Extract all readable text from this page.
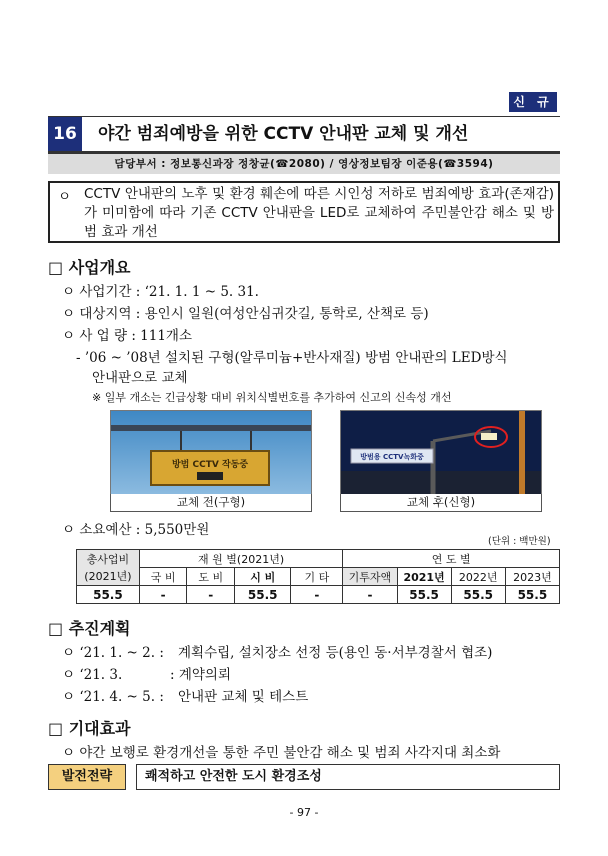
신 규
16	야간 범죄예방을 위한 CCTV 안내판 교체 및 개선
담당부서 : 정보통신과장 정창균(☎2080) / 영상정보팀장 이준용(☎3594)
ㅇ CCTV 안내판의 노후 및 환경 훼손에 따른 시인성 저하로 범죄예방 효과(존재감)가 미미함에 따라 기존 CCTV 안내판을 LED로 교체하여 주민불안감 해소 및 방범 효과 개선
□ 사업개요
ㅇ 사업기간 : ‘21. 1. 1 ~ 5. 31.
ㅇ 대상지역 : 용인시 일원(여성안심귀갓길, 통학로, 산책로 등)
ㅇ 사 업 량 : 111개소
- ’06 ~ ’08년 설치된 구형(알루미늄+반사재질) 방범 안내판의 LED방식
안내판으로 교체
※ 일부 개소는 긴급상황 대비 위치식별번호를 추가하여 신고의 신속성 개선
방범 CCTV 작동중
교체 전(구형)
방범용 CCTV녹화중
교체 후(신형)
ㅇ 소요예산 : 5,550만원
(단위 : 백만원)
총사업비	재 원 별(2021년)				연 도 별			
(2021년)	국 비	도 비	시 비	기 타	기투자액	2021년	2022년	2023년
55.5	-	-	55.5	-	-	55.5	55.5	55.5
□ 추진계획
ㅇ ‘21. 1. ~ 2. : 계획수립, 설치장소 선정 등(용인 동·서부경찰서 협조)
ㅇ ‘21. 3.	: 계약의뢰
ㅇ ‘21. 4. ~ 5. : 안내판 교체 및 테스트
□ 기대효과
ㅇ 야간 보행로 환경개선을 통한 주민 불안감 해소 및 범죄 사각지대 최소화
발전전략	쾌적하고 안전한 도시 환경조성
- 97 -
